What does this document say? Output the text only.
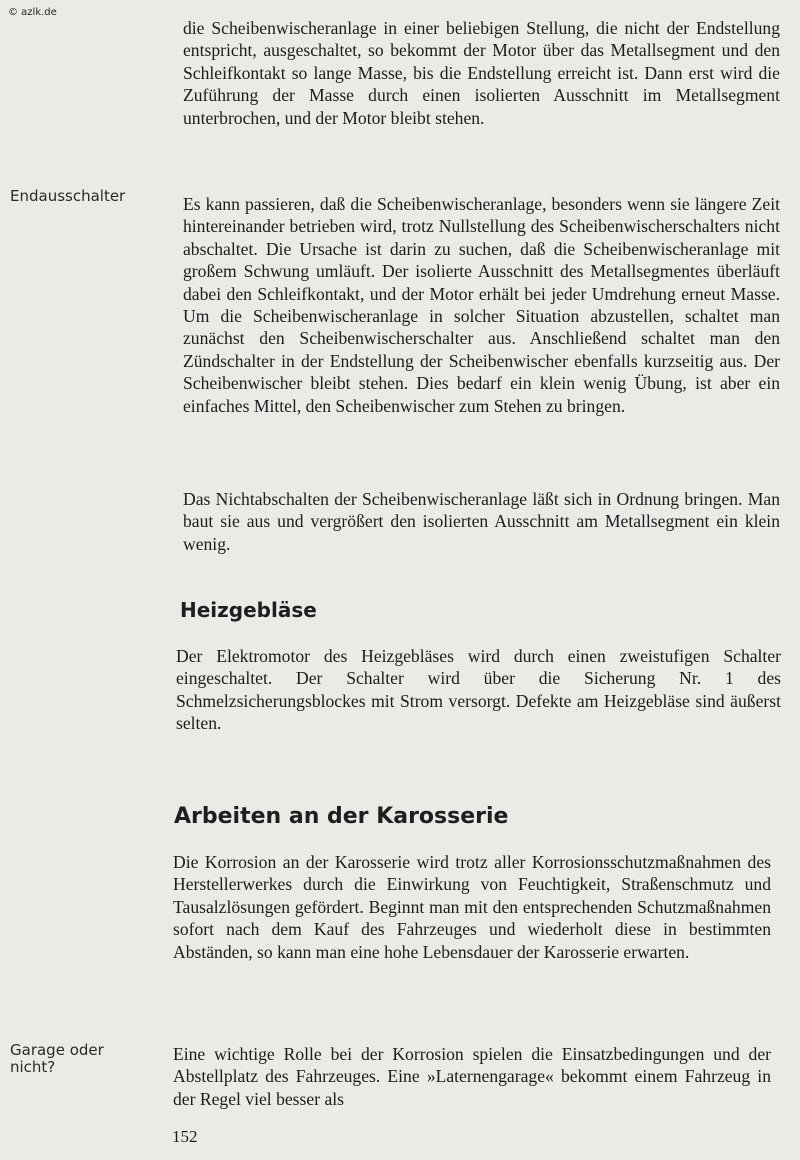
© azlk.de

die Scheibenwischeranlage in einer beliebigen Stellung, die nicht der Endstellung entspricht, ausgeschaltet, so bekommt der Motor über das Metallsegment und den Schleifkontakt so lange Masse, bis die Endstellung erreicht ist. Dann erst wird die Zuführung der Masse durch einen isolierten Ausschnitt im Metallsegment unterbrochen, und der Motor bleibt stehen.

Endausschalter	Es kann passieren, daß die Scheibenwischeranlage, besonders wenn sie längere Zeit hintereinander betrieben wird, trotz Nullstellung des Scheibenwischerschalters nicht abschaltet. Die Ursache ist darin zu suchen, daß die Scheibenwischeranlage mit großem Schwung umläuft. Der isolierte Ausschnitt des Metallsegmentes überläuft dabei den Schleifkontakt, und der Motor erhält bei jeder Umdrehung erneut Masse. Um die Scheibenwischeranlage in solcher Situation abzustellen, schaltet man zunächst den Scheibenwischerschalter aus. Anschließend schaltet man den Zündschalter in der Endstellung der Scheibenwischer ebenfalls kurzseitig aus. Der Scheibenwischer bleibt stehen. Dies bedarf ein klein wenig Übung, ist aber ein einfaches Mittel, den Scheibenwischer zum Stehen zu bringen.

Das Nichtabschalten der Scheibenwischeranlage läßt sich in Ordnung bringen. Man baut sie aus und vergrößert den isolierten Ausschnitt am Metallsegment ein klein wenig.

Heizgebläse

Der Elektromotor des Heizgebläses wird durch einen zweistufigen Schalter eingeschaltet. Der Schalter wird über die Sicherung Nr. 1 des Schmelzsicherungsblockes mit Strom versorgt. Defekte am Heizgebläse sind äußerst selten.

Arbeiten an der Karosserie

Die Korrosion an der Karosserie wird trotz aller Korrosionsschutzmaßnahmen des Herstellerwerkes durch die Einwirkung von Feuchtigkeit, Straßenschmutz und Tausalzlösungen gefördert. Beginnt man mit den entsprechenden Schutzmaßnahmen sofort nach dem Kauf des Fahrzeuges und wiederholt diese in bestimmten Abständen, so kann man eine hohe Lebensdauer der Karosserie erwarten.

Garage oder nicht?

Eine wichtige Rolle bei der Korrosion spielen die Einsatzbedingungen und der Abstellplatz des Fahrzeuges. Eine »Laternengarage« bekommt einem Fahrzeug in der Regel viel besser als

152
